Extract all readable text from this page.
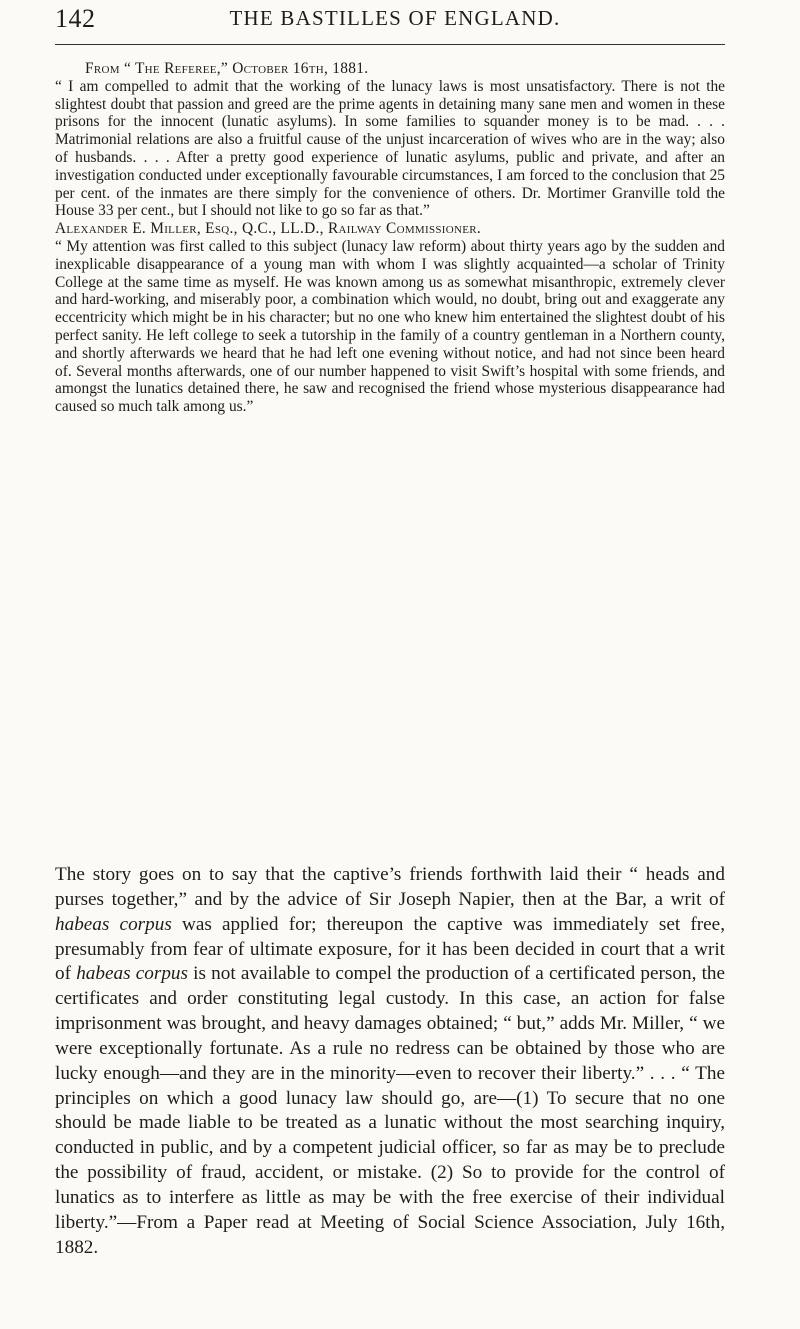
142	THE BASTILLES OF ENGLAND.

From “ The Referee,” October 16th, 1881.

“ I am compelled to admit that the working of the lunacy laws is most unsatisfactory. There is not the slightest doubt that passion and greed are the prime agents in detaining many sane men and women in these prisons for the innocent (lunatic asylums). In some families to squander money is to be mad. . . . Matrimonial relations are also a fruitful cause of the unjust incarceration of wives who are in the way; also of husbands. . . . After a pretty good experience of lunatic asylums, public and private, and after an investigation conducted under exceptionally favourable circumstances, I am forced to the conclusion that 25 per cent. of the inmates are there simply for the convenience of others. Dr. Mortimer Granville told the House 33 per cent., but I should not like to go so far as that.”

Alexander E. Miller, Esq., Q.C., LL.D., Railway Commissioner.

“ My attention was first called to this subject (lunacy law reform) about thirty years ago by the sudden and inexplicable disappearance of a young man with whom I was slightly acquainted—a scholar of Trinity College at the same time as myself. He was known among us as somewhat misanthropic, extremely clever and hard-working, and miserably poor, a combination which would, no doubt, bring out and exaggerate any eccentricity which might be in his character; but no one who knew him entertained the slightest doubt of his perfect sanity. He left college to seek a tutorship in the family of a country gentleman in a Northern county, and shortly afterwards we heard that he had left one evening without notice, and had not since been heard of. Several months afterwards, one of our number happened to visit Swift’s hospital with some friends, and amongst the lunatics detained there, he saw and recognised the friend whose mysterious disappearance had caused so much talk among us.”

The story goes on to say that the captive’s friends forthwith laid their “ heads and purses together,” and by the advice of Sir Joseph Napier, then at the Bar, a writ of habeas corpus was applied for; thereupon the captive was immediately set free, presumably from fear of ultimate exposure, for it has been decided in court that a writ of habeas corpus is not available to compel the production of a certificated person, the certificates and order constituting legal custody. In this case, an action for false imprisonment was brought, and heavy damages obtained; “ but,” adds Mr. Miller, “ we were exceptionally fortunate. As a rule no redress can be obtained by those who are lucky enough—and they are in the minority—even to recover their liberty.” . . . “ The principles on which a good lunacy law should go, are—(1) To secure that no one should be made liable to be treated as a lunatic without the most searching inquiry, conducted in public, and by a competent judicial officer, so far as may be to preclude the possibility of fraud, accident, or mistake. (2) So to provide for the control of lunatics as to interfere as little as may be with the free exercise of their individual liberty.”—From a Paper read at Meeting of Social Science Association, July 16th, 1882.
